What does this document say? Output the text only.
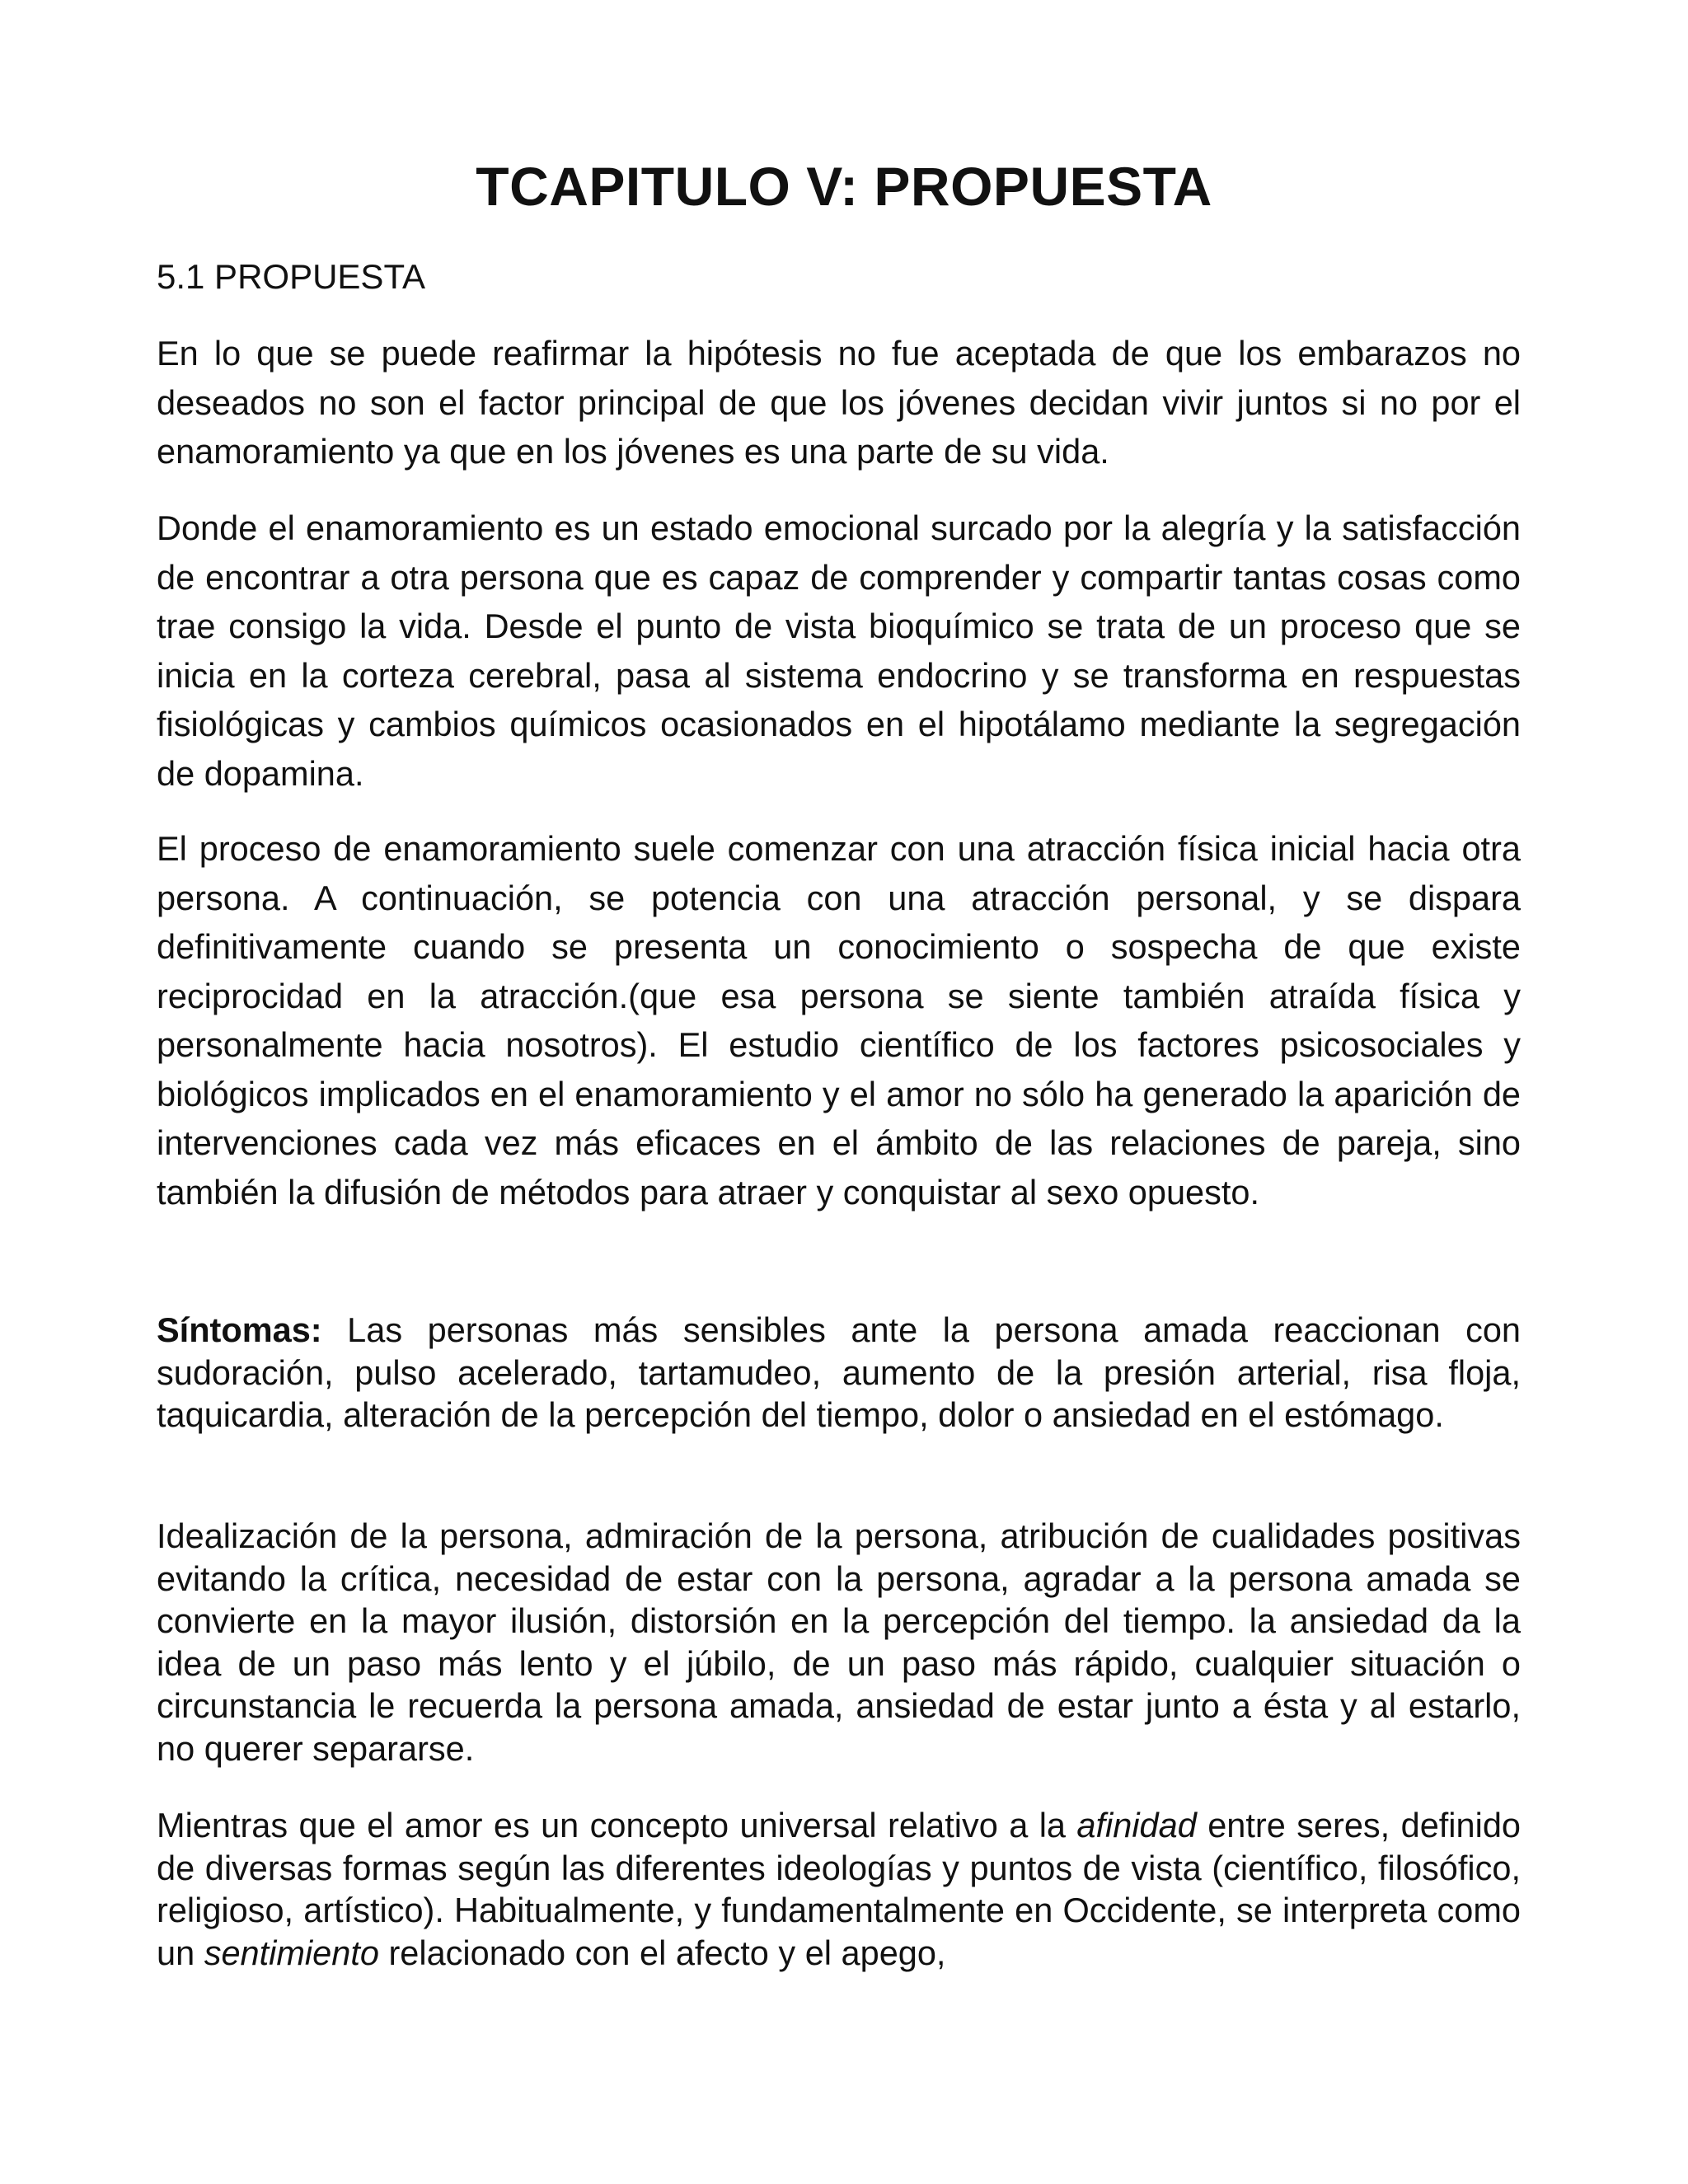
TCAPITULO V: PROPUESTA
5.1 PROPUESTA

En lo que se puede reafirmar la hipótesis no fue aceptada de que los embarazos no deseados no son el factor principal de que los jóvenes decidan vivir juntos si no por el enamoramiento ya que en los jóvenes es una parte de su vida.

Donde el enamoramiento es un estado emocional surcado por la alegría y la satisfacción de encontrar a otra persona que es capaz de comprender y compartir tantas cosas como trae consigo la vida. Desde el punto de vista bioquímico se trata de un proceso que se inicia en la corteza cerebral, pasa al sistema endocrino y se transforma en respuestas fisiológicas y cambios químicos ocasionados en el hipotálamo mediante la segregación de dopamina.

El proceso de enamoramiento suele comenzar con una atracción física inicial hacia otra persona. A continuación, se potencia con una atracción personal, y se dispara definitivamente cuando se presenta un conocimiento o sospecha de que existe reciprocidad en la atracción.(que esa persona se siente también atraída física y personalmente hacia nosotros). El estudio científico de los factores psicosociales y biológicos implicados en el enamoramiento y el amor no sólo ha generado la aparición de intervenciones cada vez más eficaces en el ámbito de las relaciones de pareja, sino también la difusión de métodos para atraer y conquistar al sexo opuesto.

Síntomas: Las personas más sensibles ante la persona amada reaccionan con sudoración, pulso acelerado, tartamudeo, aumento de la presión arterial, risa floja, taquicardia, alteración de la percepción del tiempo, dolor o ansiedad en el estómago.

Idealización de la persona, admiración de la persona, atribución de cualidades positivas evitando la crítica, necesidad de estar con la persona, agradar a la persona amada se convierte en la mayor ilusión, distorsión en la percepción del tiempo. la ansiedad da la idea de un paso más lento y el júbilo, de un paso más rápido, cualquier situación o circunstancia le recuerda la persona amada, ansiedad de estar junto a ésta y al estarlo, no querer separarse.

Mientras que el amor es un concepto universal relativo a la afinidad entre seres, definido de diversas formas según las diferentes ideologías y puntos de vista (científico, filosófico, religioso, artístico). Habitualmente, y fundamentalmente en Occidente, se interpreta como un sentimiento relacionado con el afecto y el apego,
